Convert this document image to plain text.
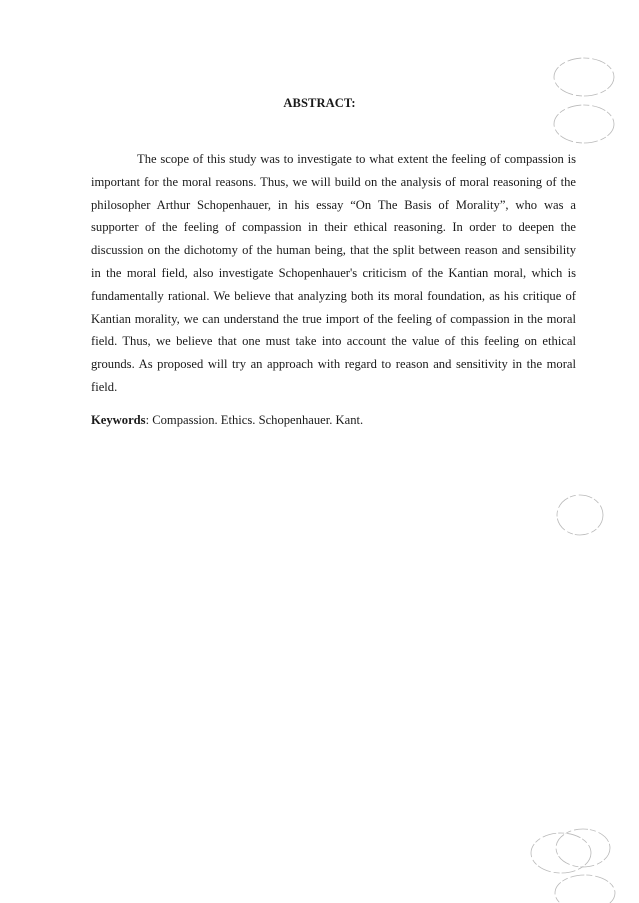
ABSTRACT:
The scope of this study was to investigate to what extent the feeling of compassion is
important for the moral reasons. Thus, we will build on the analysis of moral reasoning of the
philosopher Arthur Schopenhauer, in his essay “On The Basis of Morality”, who was a
supporter of the feeling of compassion in their ethical reasoning. In order to deepen the
discussion on the dichotomy of the human being, that the split between reason and sensibility
in the moral field, also investigate Schopenhauer's criticism of the Kantian moral, which is
fundamentally rational. We believe that analyzing both its moral foundation, as his critique of
Kantian morality, we can understand the true import of the feeling of compassion in the moral
field. Thus, we believe that one must take into account the value of this feeling on ethical
grounds. As proposed will try an approach with regard to reason and sensitivity in the moral
field.
Keywords: Compassion. Ethics. Schopenhauer. Kant.
